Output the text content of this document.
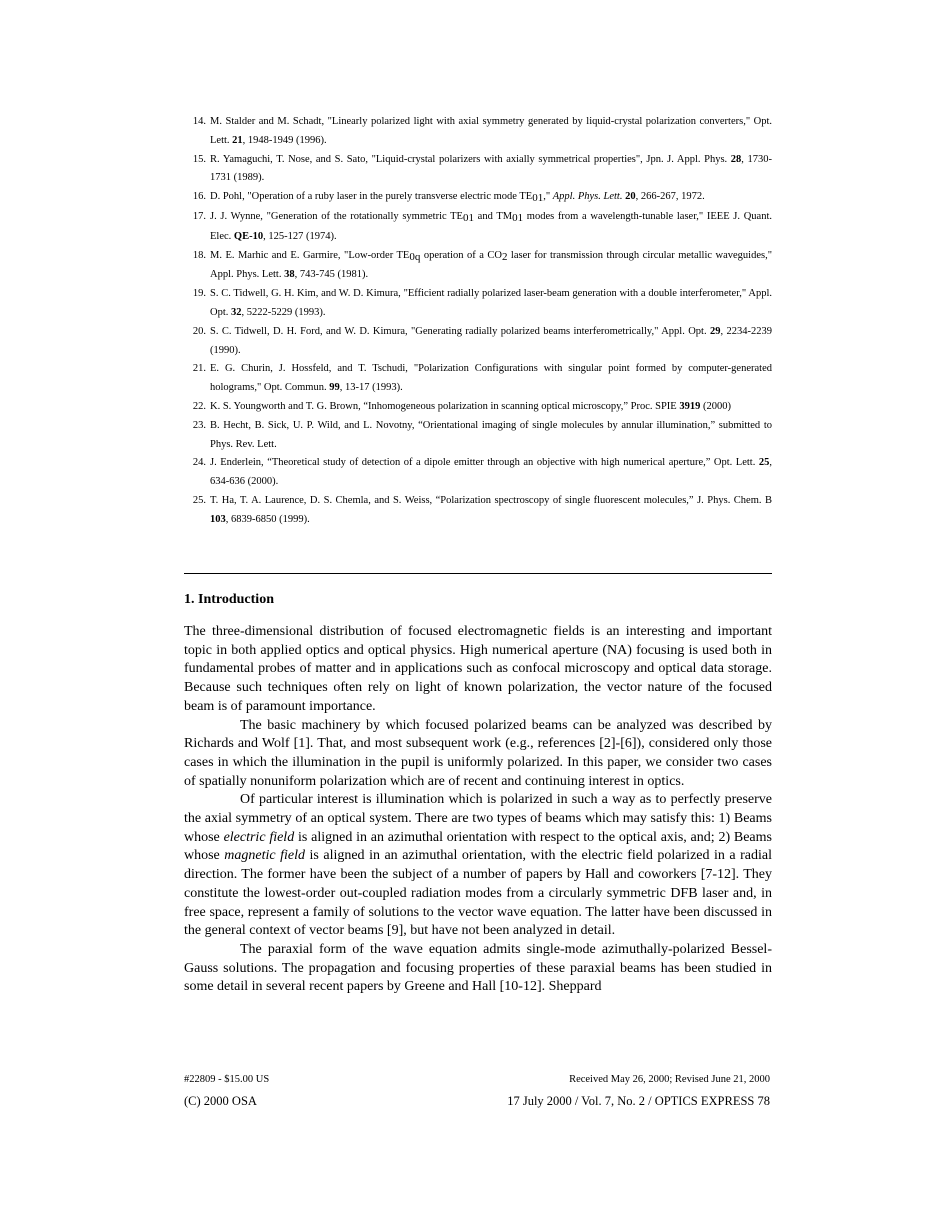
14. M. Stalder and M. Schadt, "Linearly polarized light with axial symmetry generated by liquid-crystal polarization converters," Opt. Lett. 21, 1948-1949 (1996).
15. R. Yamaguchi, T. Nose, and S. Sato, "Liquid-crystal polarizers with axially symmetrical properties", Jpn. J. Appl. Phys. 28, 1730-1731 (1989).
16. D. Pohl, "Operation of a ruby laser in the purely transverse electric mode TE01," Appl. Phys. Lett. 20, 266-267, 1972.
17. J. J. Wynne, "Generation of the rotationally symmetric TE01 and TM01 modes from a wavelength-tunable laser," IEEE J. Quant. Elec. QE-10, 125-127 (1974).
18. M. E. Marhic and E. Garmire, "Low-order TE0q operation of a CO2 laser for transmission through circular metallic waveguides," Appl. Phys. Lett. 38, 743-745 (1981).
19. S. C. Tidwell, G. H. Kim, and W. D. Kimura, "Efficient radially polarized laser-beam generation with a double interferometer," Appl. Opt. 32, 5222-5229 (1993).
20. S. C. Tidwell, D. H. Ford, and W. D. Kimura, "Generating radially polarized beams interferometrically," Appl. Opt. 29, 2234-2239 (1990).
21. E. G. Churin, J. Hossfeld, and T. Tschudi, "Polarization Configurations with singular point formed by computer-generated holograms," Opt. Commun. 99, 13-17 (1993).
22. K. S. Youngworth and T. G. Brown, “Inhomogeneous polarization in scanning optical microscopy,” Proc. SPIE 3919 (2000)
23. B. Hecht, B. Sick, U. P. Wild, and L. Novotny, “Orientational imaging of single molecules by annular illumination,” submitted to Phys. Rev. Lett.
24. J. Enderlein, “Theoretical study of detection of a dipole emitter through an objective with high numerical aperture,” Opt. Lett. 25, 634-636 (2000).
25. T. Ha, T. A. Laurence, D. S. Chemla, and S. Weiss, “Polarization spectroscopy of single fluorescent molecules,” J. Phys. Chem. B 103, 6839-6850 (1999).
1. Introduction

The three-dimensional distribution of focused electromagnetic fields is an interesting and important topic in both applied optics and optical physics. High numerical aperture (NA) focusing is used both in fundamental probes of matter and in applications such as confocal microscopy and optical data storage. Because such techniques often rely on light of known polarization, the vector nature of the focused beam is of paramount importance.

The basic machinery by which focused polarized beams can be analyzed was described by Richards and Wolf [1]. That, and most subsequent work (e.g., references [2]-[6]), considered only those cases in which the illumination in the pupil is uniformly polarized. In this paper, we consider two cases of spatially nonuniform polarization which are of recent and continuing interest in optics.

Of particular interest is illumination which is polarized in such a way as to perfectly preserve the axial symmetry of an optical system. There are two types of beams which may satisfy this: 1) Beams whose electric field is aligned in an azimuthal orientation with respect to the optical axis, and; 2) Beams whose magnetic field is aligned in an azimuthal orientation, with the electric field polarized in a radial direction. The former have been the subject of a number of papers by Hall and coworkers [7-12]. They constitute the lowest-order out-coupled radiation modes from a circularly symmetric DFB laser and, in free space, represent a family of solutions to the vector wave equation. The latter have been discussed in the general context of vector beams [9], but have not been analyzed in detail.

The paraxial form of the wave equation admits single-mode azimuthally-polarized Bessel-Gauss solutions. The propagation and focusing properties of these paraxial beams has been studied in some detail in several recent papers by Greene and Hall [10-12]. Sheppard

#22809 - $15.00 US	Received May 26, 2000; Revised June 21, 2000
(C) 2000 OSA	17 July 2000 / Vol. 7, No. 2 / OPTICS EXPRESS 78
